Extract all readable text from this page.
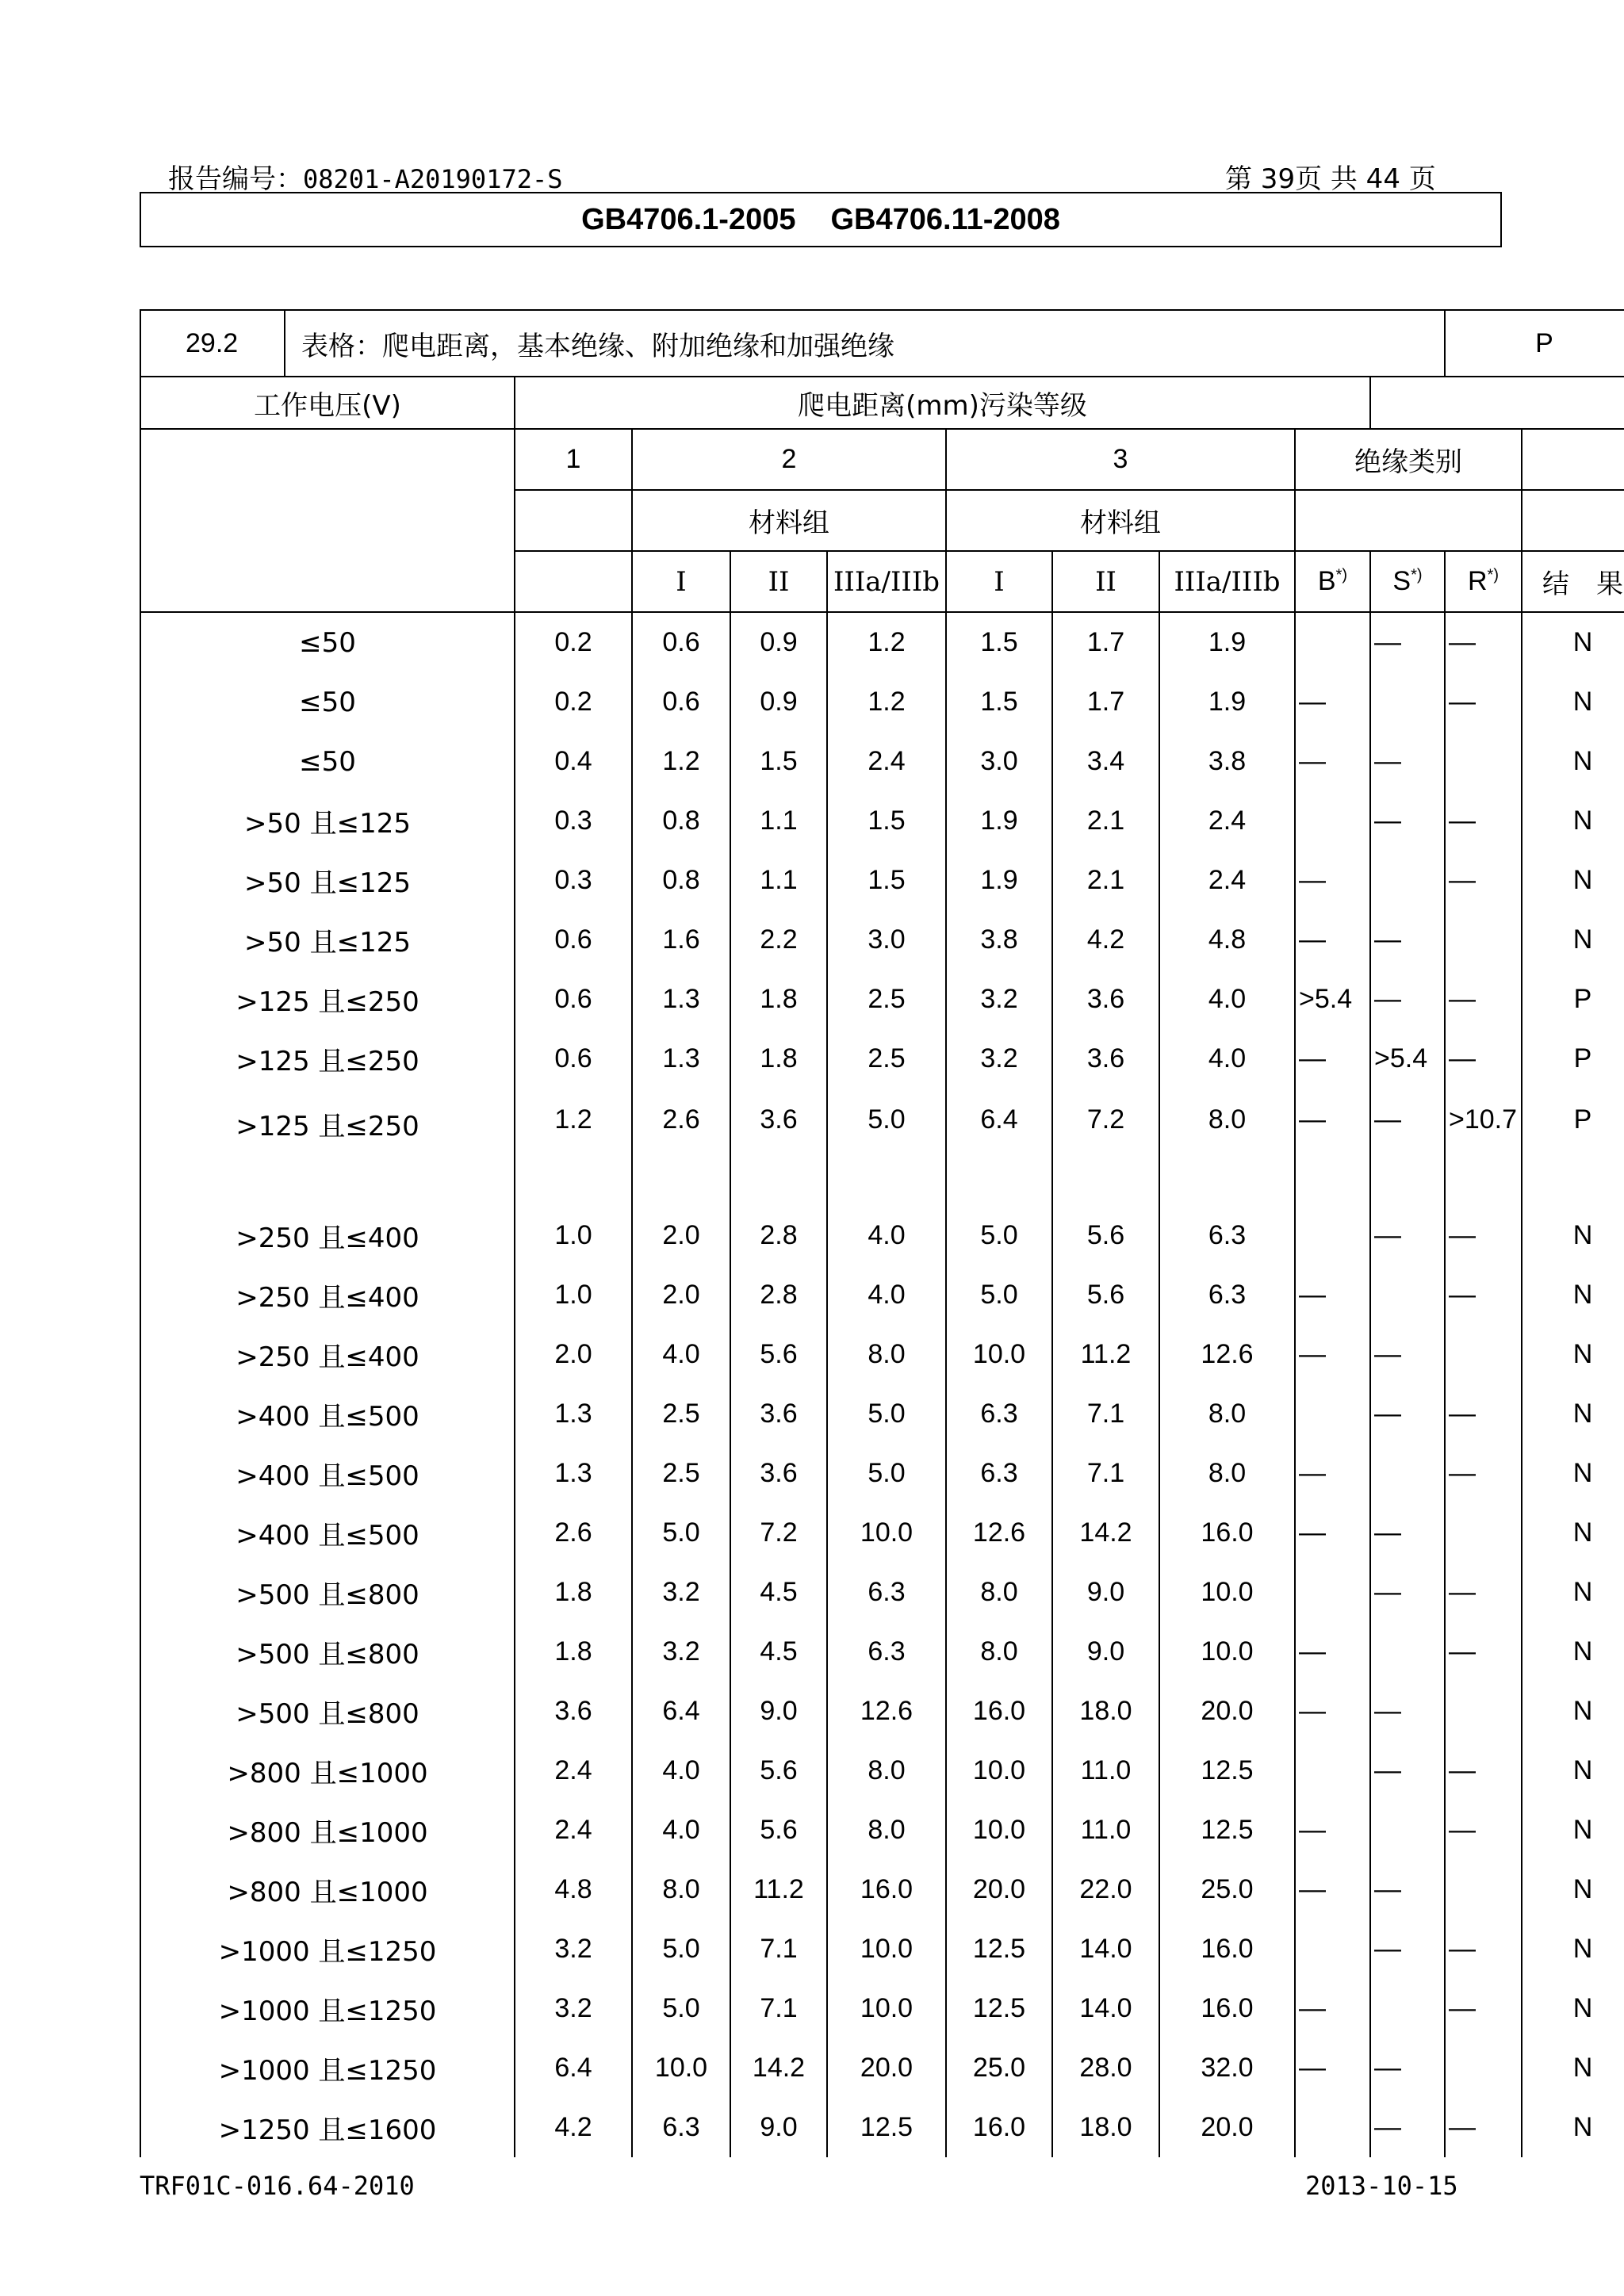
报告编号：08201-A20190172-S	第 39页 共 44 页
GB4706.1-2005 GB4706.11-2008
29.2	表格：爬电距离，基本绝缘、附加绝缘和加强绝缘										P	
工作电压(V)		爬电距离(mm)污染等级										
		1	2			3			绝缘类别			
			材料组			材料组						
			I	II	IIIa/IIIb	I	II	IIIa/IIIb	B*)	S*)	R*)	结　果
≤50		0.2	0.6	0.9	1.2	1.5	1.7	1.9		—	—	N
≤50		0.2	0.6	0.9	1.2	1.5	1.7	1.9	—		—	N
≤50		0.4	1.2	1.5	2.4	3.0	3.4	3.8	—	—		N
>50 且≤125		0.3	0.8	1.1	1.5	1.9	2.1	2.4		—	—	N
>50 且≤125		0.3	0.8	1.1	1.5	1.9	2.1	2.4	—		—	N
>50 且≤125		0.6	1.6	2.2	3.0	3.8	4.2	4.8	—	—		N
>125 且≤250		0.6	1.3	1.8	2.5	3.2	3.6	4.0	>5.4	—	—	P
>125 且≤250		0.6	1.3	1.8	2.5	3.2	3.6	4.0	—	>5.4	—	P
>125 且≤250		1.2	2.6	3.6	5.0	6.4	7.2	8.0	—	—	>10.7	P
>250 且≤400		1.0	2.0	2.8	4.0	5.0	5.6	6.3		—	—	N
>250 且≤400		1.0	2.0	2.8	4.0	5.0	5.6	6.3	—		—	N
>250 且≤400		2.0	4.0	5.6	8.0	10.0	11.2	12.6	—	—		N
>400 且≤500		1.3	2.5	3.6	5.0	6.3	7.1	8.0		—	—	N
>400 且≤500		1.3	2.5	3.6	5.0	6.3	7.1	8.0	—		—	N
>400 且≤500		2.6	5.0	7.2	10.0	12.6	14.2	16.0	—	—		N
>500 且≤800		1.8	3.2	4.5	6.3	8.0	9.0	10.0		—	—	N
>500 且≤800		1.8	3.2	4.5	6.3	8.0	9.0	10.0	—		—	N
>500 且≤800		3.6	6.4	9.0	12.6	16.0	18.0	20.0	—	—		N
>800 且≤1000		2.4	4.0	5.6	8.0	10.0	11.0	12.5		—	—	N
>800 且≤1000		2.4	4.0	5.6	8.0	10.0	11.0	12.5	—		—	N
>800 且≤1000		4.8	8.0	11.2	16.0	20.0	22.0	25.0	—	—		N
>1000 且≤1250		3.2	5.0	7.1	10.0	12.5	14.0	16.0		—	—	N
>1000 且≤1250		3.2	5.0	7.1	10.0	12.5	14.0	16.0	—		—	N
>1000 且≤1250		6.4	10.0	14.2	20.0	25.0	28.0	32.0	—	—		N
>1250 且≤1600		4.2	6.3	9.0	12.5	16.0	18.0	20.0		—	—	N
TRF01C-016.64-2010	2013-10-15
